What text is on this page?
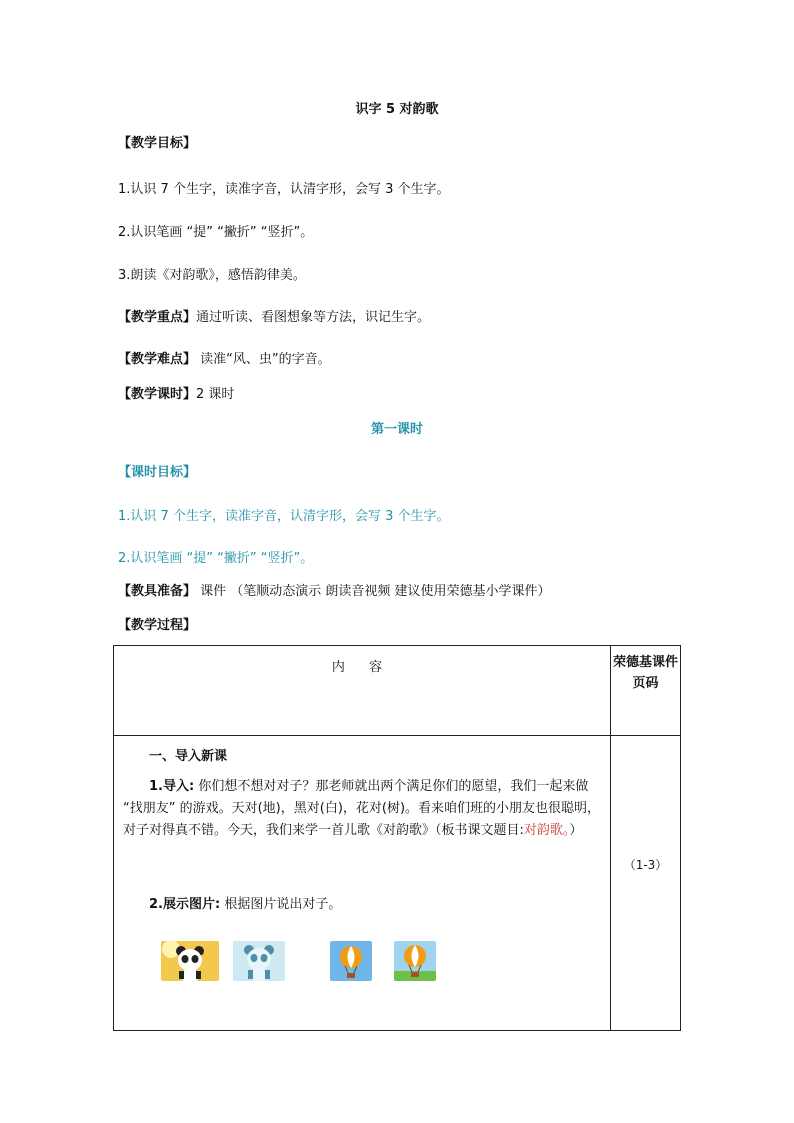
识字 5 对韵歌
【教学目标】
1.认识 7 个生字，读准字音，认清字形，会写 3 个生字。
2.认识笔画 “提” “撇折” “竖折”。
3.朗读《对韵歌》，感悟韵律美。
【教学重点】通过听读、看图想象等方法，识记生字。
【教学难点】 读准“风、虫”的字音。
【教学课时】2 课时
第一课时
【课时目标】
1.认识 7 个生字，读准字音，认清字形，会写 3 个生字。
2.认识笔画 “提” “撇折” “竖折”。
【教具准备】 课件 （笔顺动态演示 朗读音视频 建议使用荣德基小学课件）
【教学过程】
内 容	荣德基课件页码

一、导入新课
1.导入: 你们想不想对对子？那老师就出两个满足你们的愿望，我们一起来做 “找朋友” 的游戏。天对(地)，黑对(白)，花对(树)。看来咱们班的小朋友也很聪明，对子对得真不错。今天，我们来学一首儿歌《对韵歌》（板书课文题目:对韵歌。）
2.展示图片: 根据图片说出对子。	（1-3）
